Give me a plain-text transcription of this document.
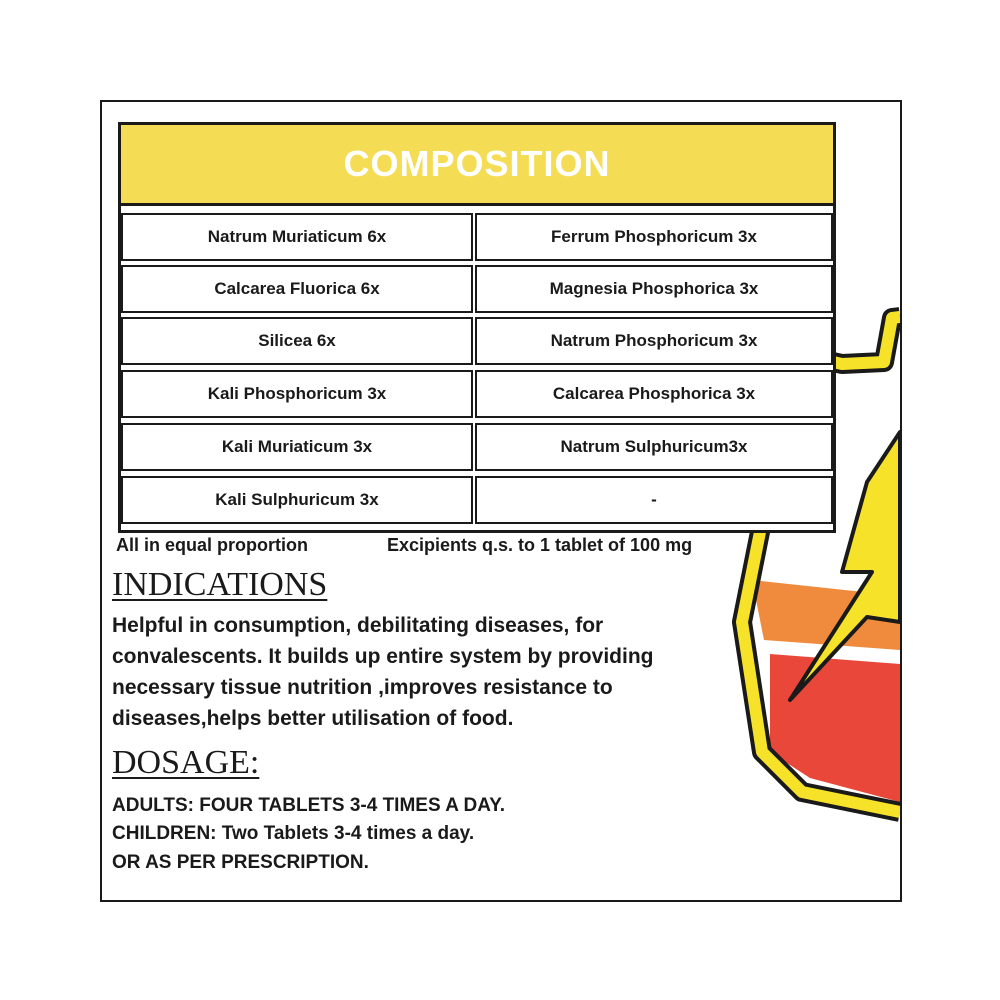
COMPOSITION
Natrum Muriaticum 6x	Ferrum Phosphoricum 3x
Calcarea Fluorica 6x	Magnesia Phosphorica 3x
Silicea 6x	Natrum Phosphoricum 3x
Kali Phosphoricum 3x	Calcarea Phosphorica 3x
Kali Muriaticum 3x	Natrum Sulphuricum3x
Kali Sulphuricum 3x	-
All in equal proportion	Excipients q.s. to 1 tablet of 100 mg
INDICATIONS
Helpful in consumption, debilitating diseases, for
convalescents. It builds up entire system by providing
necessary tissue nutrition ,improves resistance to
diseases,helps better utilisation of food.
DOSAGE:
ADULTS: FOUR TABLETS 3-4 TIMES A DAY.
CHILDREN: Two Tablets 3-4 times a day.
OR AS PER PRESCRIPTION.
